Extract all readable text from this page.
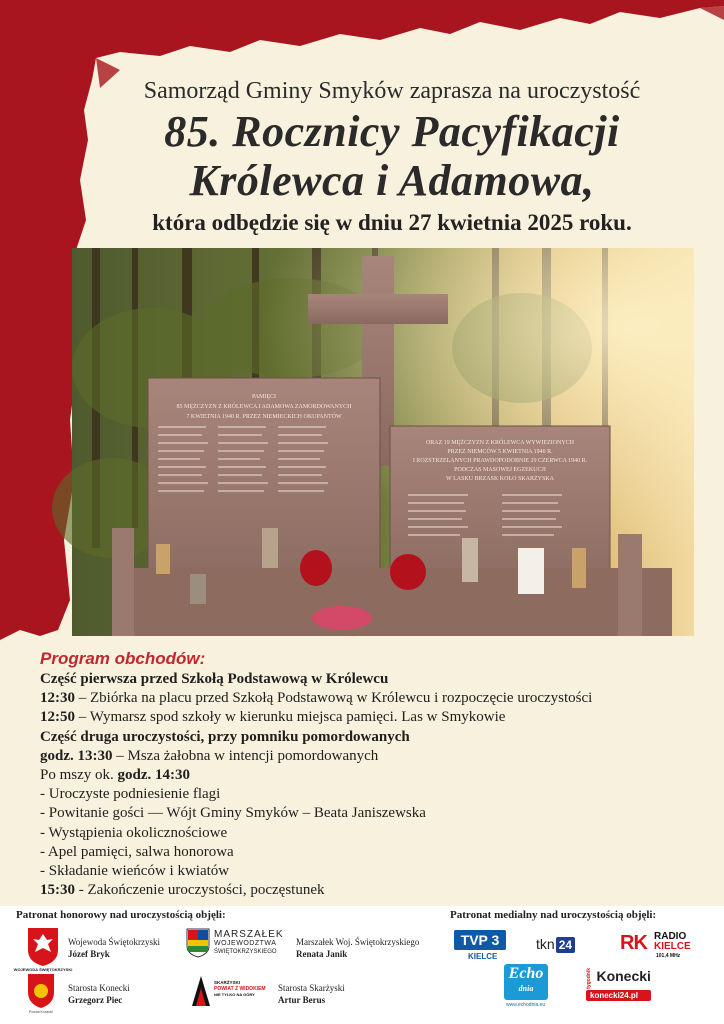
Samorząd Gminy Smyków zaprasza na uroczystość
85. Rocznicy Pacyfikacji
Królewca i Adamowa,
która odbędzie się w dniu 27 kwietnia 2025 roku.
PAMIĘCI
85 MĘŻCZYZN Z KRÓLEWCA I ADAMOWA ZAMORDOWANYCH
7 KWIETNIA 1940 R. PRZEZ NIEMIECKICH OKUPANTÓW
ORAZ 19 MĘŻCZYZN Z KRÓLEWCA WYWIEZIONYCH
PRZEZ NIEMCÓW 5 KWIETNIA 1940 R.
I ROZSTRZELANYCH PRAWDOPODOBNIE 29 CZERWCA 1940 R.
PODCZAS MASOWEJ EGZEKUCJI
W LASKU BRZASK KOŁO SKARŻYSKA
Program obchodów:
Część pierwsza przed Szkołą Podstawową w Królewcu
12:30 – Zbiórka na placu przed Szkołą Podstawową w Królewcu i rozpoczęcie uroczystości
12:50 – Wymarsz spod szkoły w kierunku miejsca pamięci. Las w Smykowie
Część druga uroczystości, przy pomniku pomordowanych
godz. 13:30 – Msza żałobna w intencji pomordowanych
Po mszy ok. godz. 14:30
- Uroczyste podniesienie flagi
- Powitanie gości — Wójt Gminy Smyków – Beata Janiszewska
- Wystąpienia okolicznościowe
- Apel pamięci, salwa honorowa
- Składanie wieńców i kwiatów
15:30 - Zakończenie uroczystości, poczęstunek
Patronat honorowy nad uroczystością objęli:	Patronat medialny nad uroczystością objęli:
WOJEWODA ŚWIĘTOKRZYSKI
Wojewoda Świętokrzyski
Józef Bryk
MARSZAŁEK
WOJEWÓDZTWA
ŚWIĘTOKRZYSKIEGO
Marszałek Woj. Świętokrzyskiego
Renata Janik
Powiat Konecki
Starosta Konecki
Grzegorz Piec
SKARŻYSKI
POWIAT Z WIDOKIEM
NIE TYLKO NA GÓRY
Starosta Skarżyski
Artur Berus
TVP 3
KIELCE
tkn 24 RK RADIO
KIELCE
101,4 MHz
Echo
dnia
www.echodnia.eu
tygodnik Konecki
konecki24.pl
